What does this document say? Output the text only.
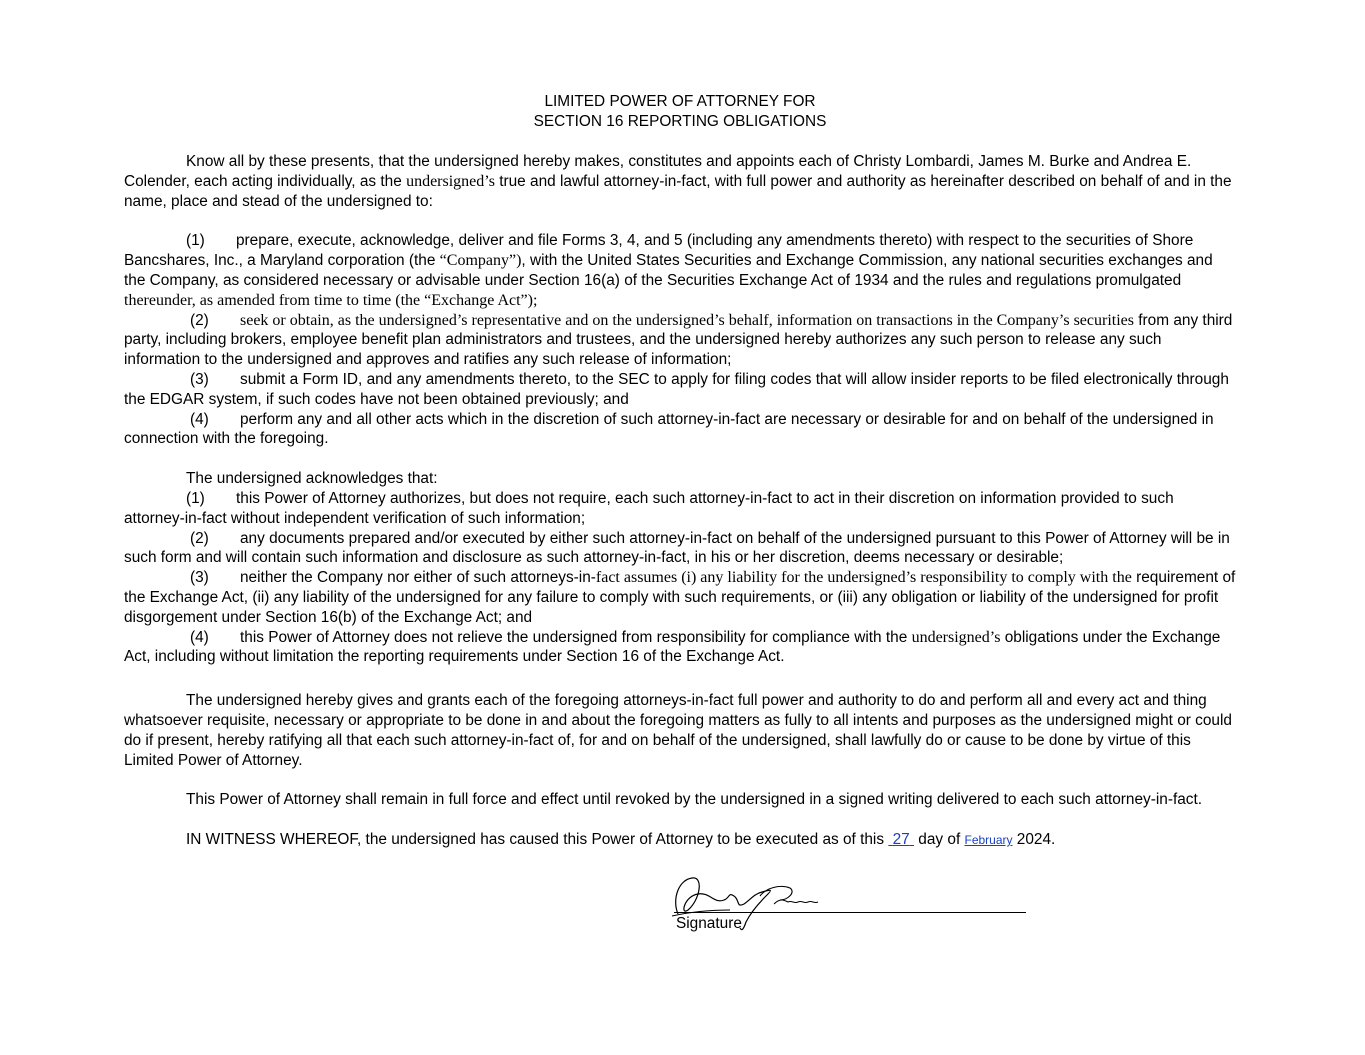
LIMITED POWER OF ATTORNEY FOR

SECTION 16 REPORTING OBLIGATIONS

Know all by these presents, that the undersigned hereby makes, constitutes and appoints each of Christy Lombardi, James M. Burke and Andrea E. Colender, each acting individually, as the undersigned’s true and lawful attorney-in-fact, with full power and authority as hereinafter described on behalf of and in the name, place and stead of the undersigned to:

(1) prepare, execute, acknowledge, deliver and file Forms 3, 4, and 5 (including any amendments thereto) with respect to the securities of Shore Bancshares, Inc., a Maryland corporation (the “Company”), with the United States Securities and Exchange Commission, any national securities exchanges and the Company, as considered necessary or advisable under Section 16(a) of the Securities Exchange Act of 1934 and the rules and regulations promulgated thereunder, as amended from time to time (the “Exchange Act”);

(2) seek or obtain, as the undersigned’s representative and on the undersigned’s behalf, information on transactions in the Company’s securities from any third party, including brokers, employee benefit plan administrators and trustees, and the undersigned hereby authorizes any such person to release any such information to the undersigned and approves and ratifies any such release of information;

(3) submit a Form ID, and any amendments thereto, to the SEC to apply for filing codes that will allow insider reports to be filed electronically through the EDGAR system, if such codes have not been obtained previously; and

(4) perform any and all other acts which in the discretion of such attorney-in-fact are necessary or desirable for and on behalf of the undersigned in connection with the foregoing.

The undersigned acknowledges that:

(1) this Power of Attorney authorizes, but does not require, each such attorney-in-fact to act in their discretion on information provided to such attorney-in-fact without independent verification of such information;

(2) any documents prepared and/or executed by either such attorney-in-fact on behalf of the undersigned pursuant to this Power of Attorney will be in such form and will contain such information and disclosure as such attorney-in-fact, in his or her discretion, deems necessary or desirable;

(3) neither the Company nor either of such attorneys-in-fact assumes (i) any liability for the undersigned’s responsibility to comply with the requirement of the Exchange Act, (ii) any liability of the undersigned for any failure to comply with such requirements, or (iii) any obligation or liability of the undersigned for profit disgorgement under Section 16(b) of the Exchange Act; and

(4) this Power of Attorney does not relieve the undersigned from responsibility for compliance with the undersigned’s obligations under the Exchange Act, including without limitation the reporting requirements under Section 16 of the Exchange Act.

The undersigned hereby gives and grants each of the foregoing attorneys-in-fact full power and authority to do and perform all and every act and thing whatsoever requisite, necessary or appropriate to be done in and about the foregoing matters as fully to all intents and purposes as the undersigned might or could do if present, hereby ratifying all that each such attorney-in-fact of, for and on behalf of the undersigned, shall lawfully do or cause to be done by virtue of this Limited Power of Attorney.

This Power of Attorney shall remain in full force and effect until revoked by the undersigned in a signed writing delivered to each such attorney-in-fact.

IN WITNESS WHEREOF, the undersigned has caused this Power of Attorney to be executed as of this  27  day of February 2024.

Signature
